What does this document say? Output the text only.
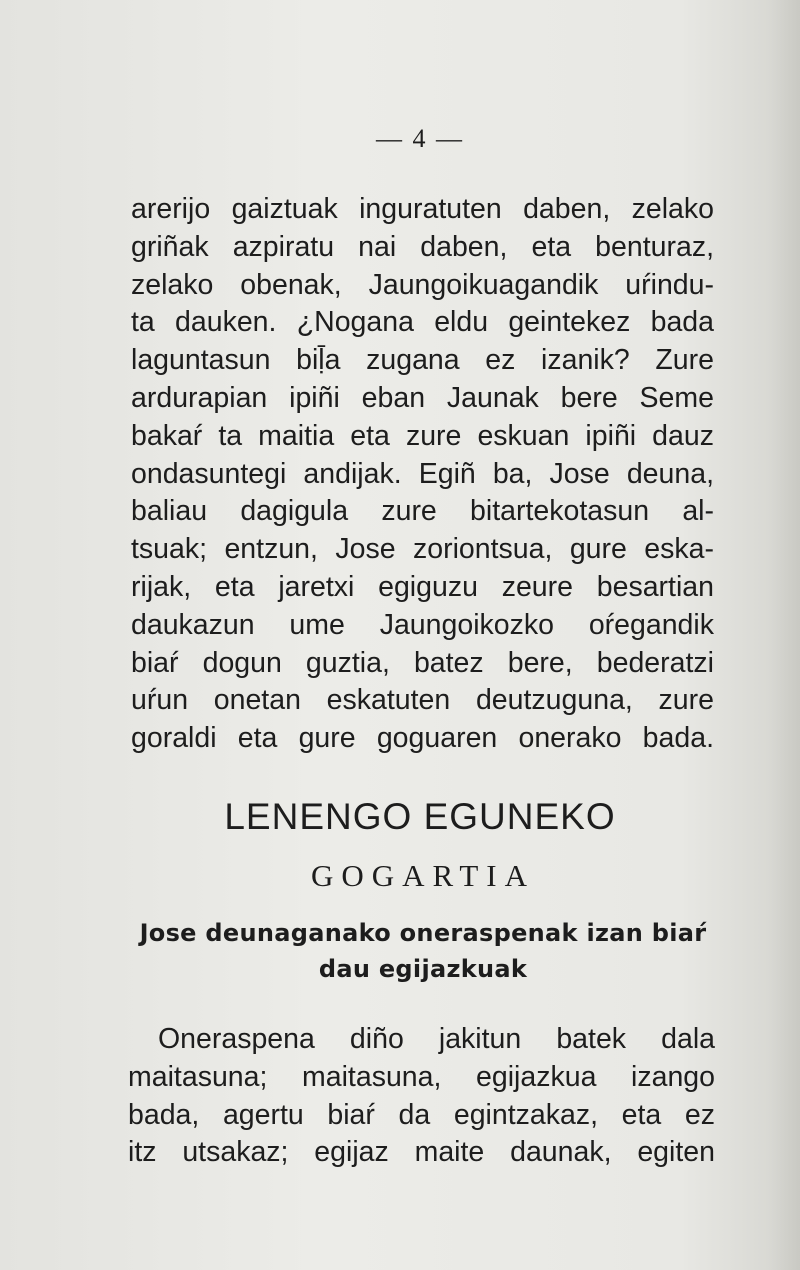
— 4 —
arerijo gaiztuak inguratuten daben, zelako
griñak azpiratu nai daben, eta benturaz,
zelako obenak, Jaungoikuagandik uŕindu-
ta dauken. ¿Nogana eldu geintekez bada
laguntasun biḹa zugana ez izanik? Zure
ardurapian ipiñi eban Jaunak bere Seme
bakaŕ ta maitia eta zure eskuan ipiñi dauz
ondasuntegi andijak. Egiñ ba, Jose deuna,
baliau dagigula zure bitartekotasun al-
tsuak; entzun, Jose zoriontsua, gure eska-
rijak, eta jaretxi egiguzu zeure besartian
daukazun ume Jaungoikozko oŕegandik
biaŕ dogun guztia, batez bere, bederatzi
uŕun onetan eskatuten deutzuguna, zure
goraldi eta gure goguaren onerako bada.
LENENGO EGUNEKO
GOGARTIA
Jose deunaganako oneraspenak izan biaŕ
dau egijazkuak
Oneraspena diño jakitun batek dala
maitasuna; maitasuna, egijazkua izango
bada, agertu biaŕ da egintzakaz, eta ez
itz utsakaz; egijaz maite daunak, egiten
